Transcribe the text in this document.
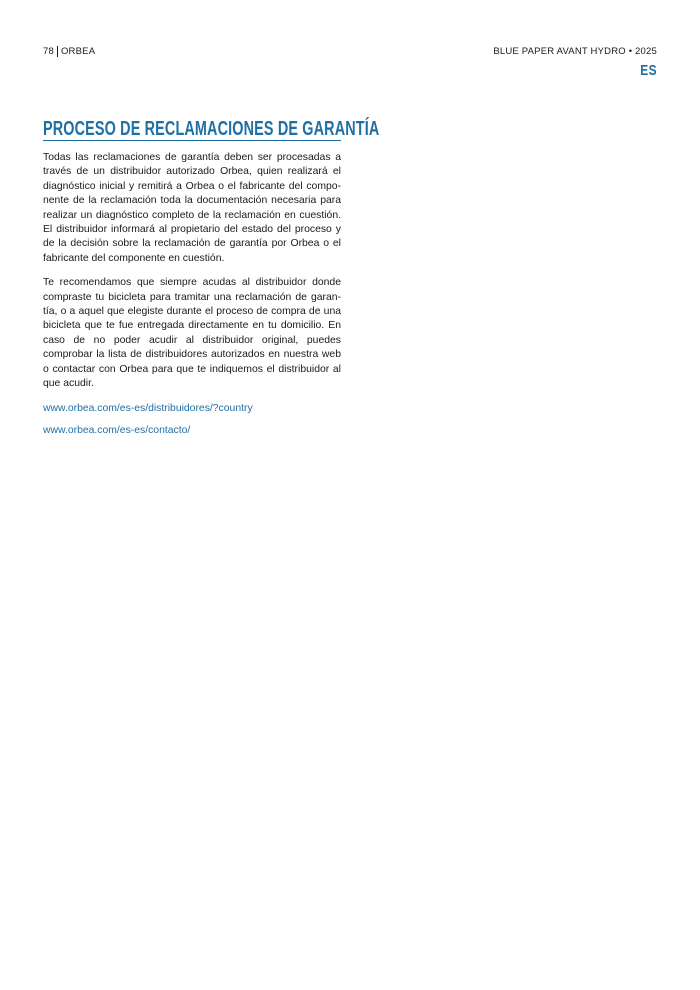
78 ORBEA	BLUE PAPER AVANT HYDRO • 2025
ES
PROCESO DE RECLAMACIONES DE GARANTÍA

Todas las reclamaciones de garantía deben ser procesadas a través de un distribuidor autorizado Orbea, quien realizará el diagnóstico inicial y remitirá a Orbea o el fabricante del componente de la reclamación toda la documentación necesaria para realizar un diagnóstico completo de la reclamación en cuestión. El distribuidor informará al propietario del estado del proceso y de la decisión sobre la reclamación de garantía por Orbea o el fabricante del componente en cuestión.

Te recomendamos que siempre acudas al distribuidor donde compraste tu bicicleta para tramitar una reclamación de garantía, o a aquel que elegiste durante el proceso de compra de una bicicleta que te fue entregada directamente en tu domicilio. En caso de no poder acudir al distribuidor original, puedes comprobar la lista de distribuidores autorizados en nuestra web o contactar con Orbea para que te indiquemos el distribuidor al que acudir.

www.orbea.com/es-es/distribuidores/?country
www.orbea.com/es-es/contacto/
